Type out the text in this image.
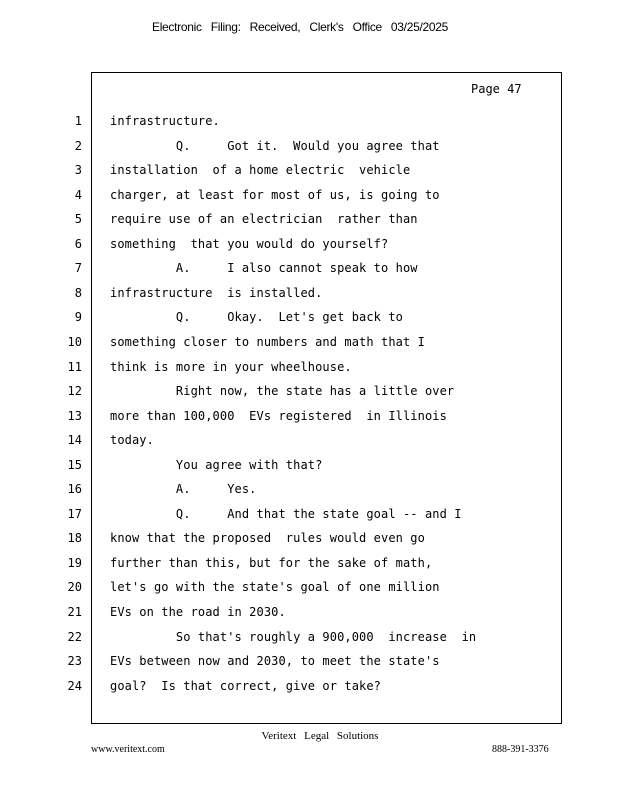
Electronic Filing: Received, Clerk's Office 03/25/2025
Page 47
1 infrastructure.
2 Q.     Got it.  Would you agree that
3 installation  of a home electric  vehicle
4 charger, at least for most of us, is going to
5 require use of an electrician  rather than
6 something  that you would do yourself?
7 A.     I also cannot speak to how
8 infrastructure  is installed.
9 Q.     Okay.  Let's get back to
10 something closer to numbers and math that I
11 think is more in your wheelhouse.
12 Right now, the state has a little over
13 more than 100,000  EVs registered  in Illinois
14 today.
15 You agree with that?
16 A.     Yes.
17 Q.     And that the state goal -- and I
18 know that the proposed  rules would even go
19 further than this, but for the sake of math,
20 let's go with the state's goal of one million
21 EVs on the road in 2030.
22 So that's roughly a 900,000  increase  in
23 EVs between now and 2030, to meet the state's
24 goal?  Is that correct, give or take?
Veritext Legal Solutions
www.veritext.com	888-391-3376
